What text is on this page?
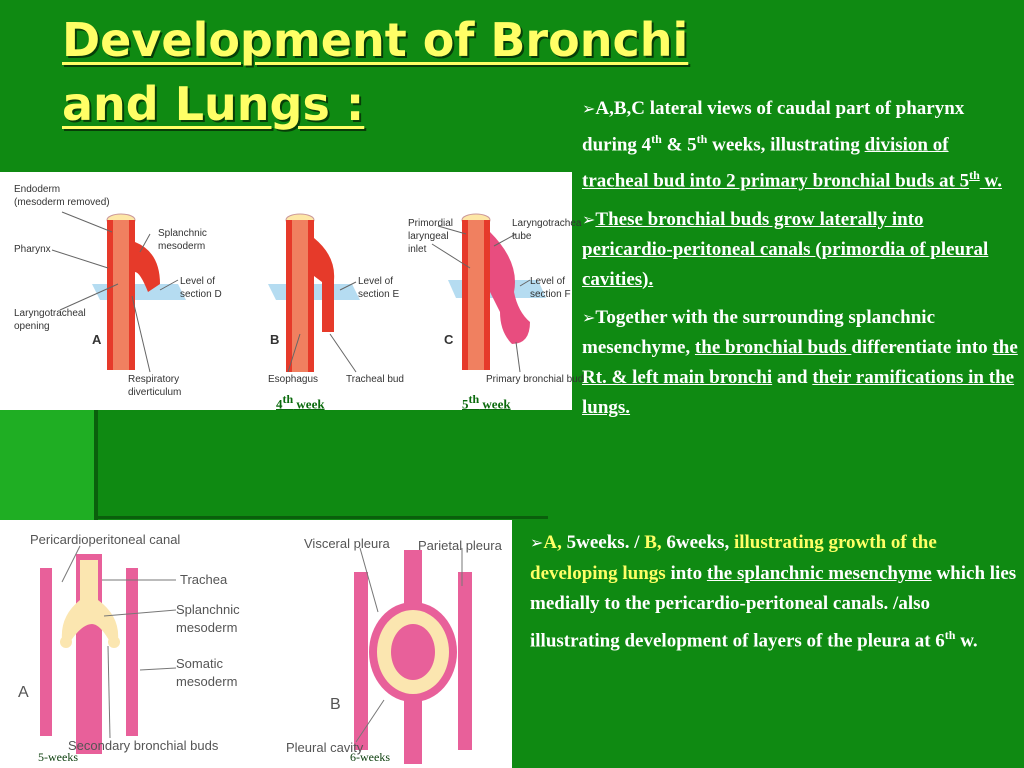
Development of Bronchi
and Lungs :
Endoderm
(mesoderm removed)
Pharynx
Laryngotracheal
opening
Splanchnic
mesoderm
Level of
section D
Respiratory
diverticulum
Esophagus	Tracheal bud
Level of
section E
Primordial
laryngeal
inlet
Laryngotrachea
tube
Level of
section F
Primary bronchial bud
A	B	C
4th week	5th week
Pericardioperitoneal canal
Trachea
Splanchnic
mesoderm
Somatic
mesoderm
Secondary bronchial buds
Visceral pleura Parietal pleura
Pleural cavity
A
B
5-weeks	6-weeks

➢A,B,C lateral views of caudal part of pharynx during 4th & 5th weeks, illustrating division of tracheal bud into 2 primary bronchial buds at 5th w.

➢These bronchial buds grow laterally into pericardio-peritoneal canals (primordia of pleural cavities).

➢Together with the surrounding splanchnic mesenchyme, the bronchial buds differentiate into the Rt. & left main bronchi and their ramifications in the lungs.

➢A, 5weeks. / B, 6weeks, illustrating growth of the developing lungs into the splanchnic mesenchyme which lies medially to the pericardio-peritoneal canals. /also illustrating development of layers of the pleura at 6th w.
